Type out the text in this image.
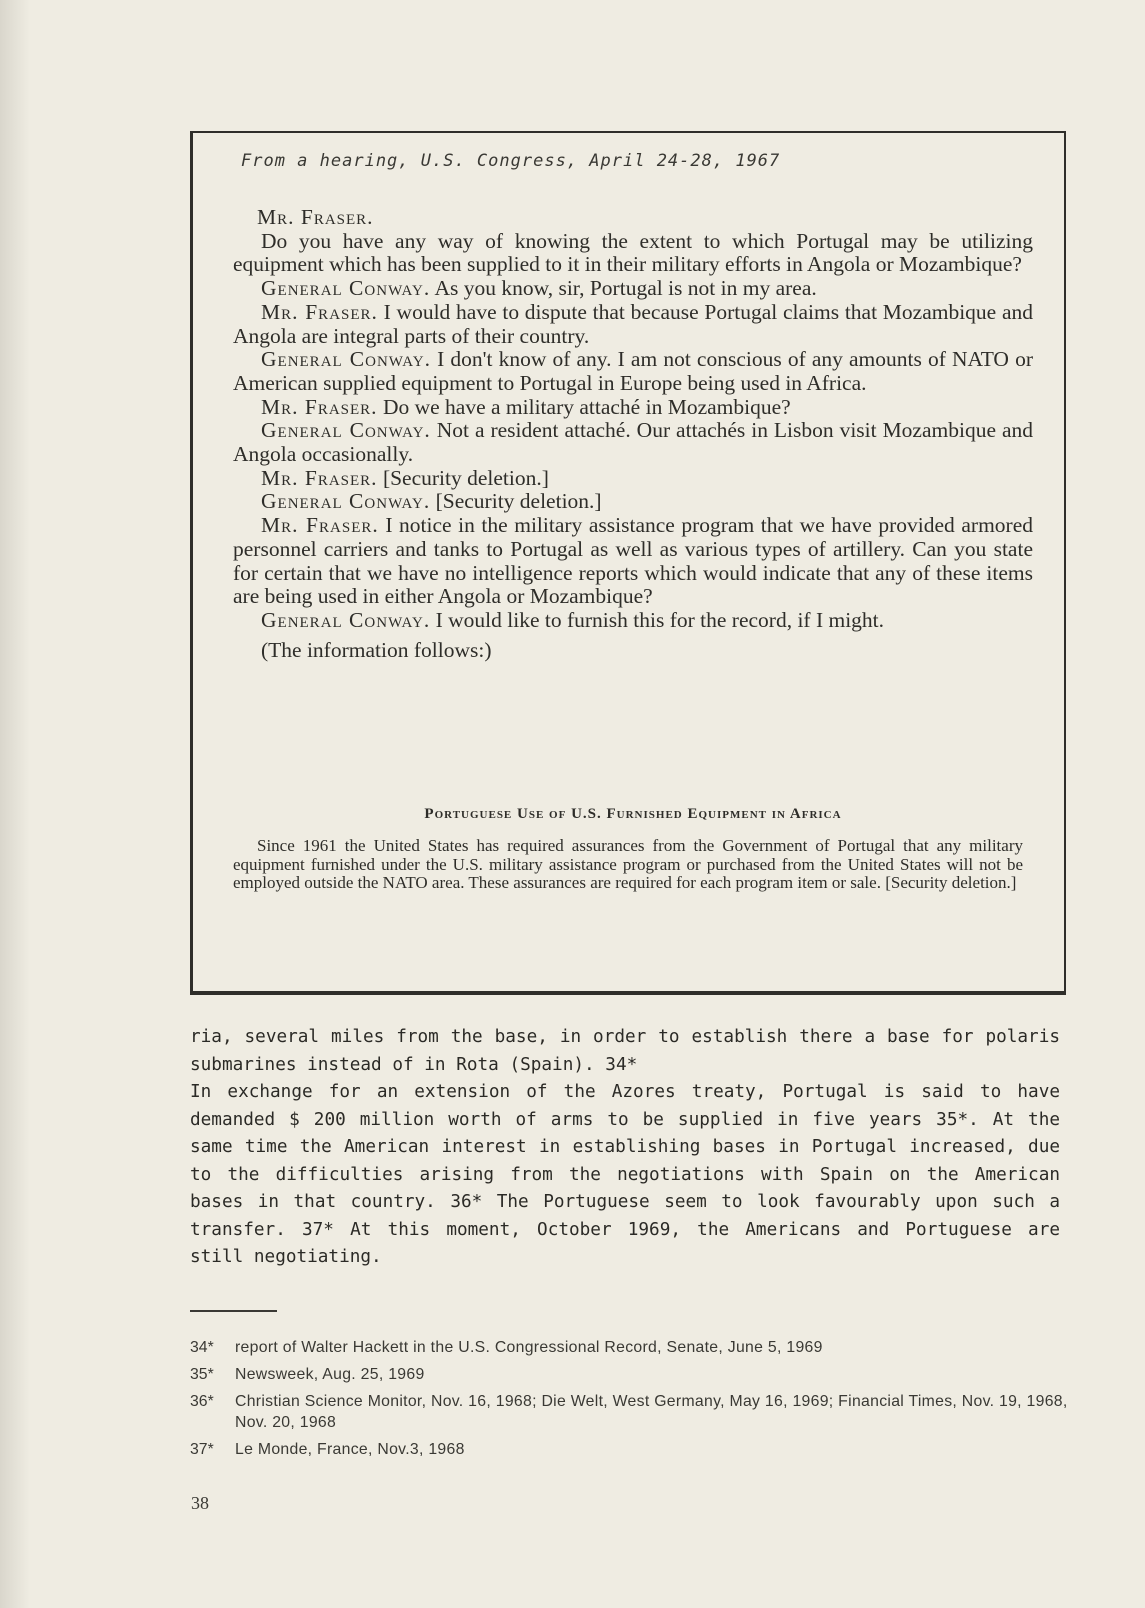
From a hearing, U.S. Congress, April 24-28, 1967

Mr. Fraser.

Do you have any way of knowing the extent to which Portugal may be utilizing equipment which has been supplied to it in their military efforts in Angola or Mozambique?

General Conway. As you know, sir, Portugal is not in my area.

Mr. Fraser. I would have to dispute that because Portugal claims that Mozambique and Angola are integral parts of their country.

General Conway. I don't know of any. I am not conscious of any amounts of NATO or American supplied equipment to Portugal in Europe being used in Africa.

Mr. Fraser. Do we have a military attaché in Mozambique?

General Conway. Not a resident attaché. Our attachés in Lisbon visit Mozambique and Angola occasionally.

Mr. Fraser. [Security deletion.]

General Conway. [Security deletion.]

Mr. Fraser. I notice in the military assistance program that we have provided armored personnel carriers and tanks to Portugal as well as various types of artillery. Can you state for certain that we have no intelligence reports which would indicate that any of these items are being used in either Angola or Mozambique?

General Conway. I would like to furnish this for the record, if I might.

(The information follows:)

Portuguese Use of U.S. Furnished Equipment in Africa

Since 1961 the United States has required assurances from the Government of Portugal that any military equipment furnished under the U.S. military assistance program or purchased from the United States will not be employed outside the NATO area. These assurances are required for each program item or sale. [Security deletion.]

ria, several miles from the base, in order to establish there a base for polaris submarines instead of in Rota (Spain). 34*

In exchange for an extension of the Azores treaty, Portugal is said to have demanded $ 200 million worth of arms to be supplied in five years 35*. At the same time the American interest in establishing bases in Portugal increased, due to the difficulties arising from the negotiations with Spain on the American bases in that country. 36* The Portuguese seem to look favourably upon such a transfer. 37* At this moment, October 1969, the Americans and Portuguese are still negotiating.

34*	report of Walter Hackett in the U.S. Congressional Record, Senate, June 5, 1969
35*	Newsweek, Aug. 25, 1969
36*	Christian Science Monitor, Nov. 16, 1968; Die Welt, West Germany, May 16, 1969; Financial Times, Nov. 19, 1968, Nov. 20, 1968
37*	Le Monde, France, Nov.3, 1968
38
